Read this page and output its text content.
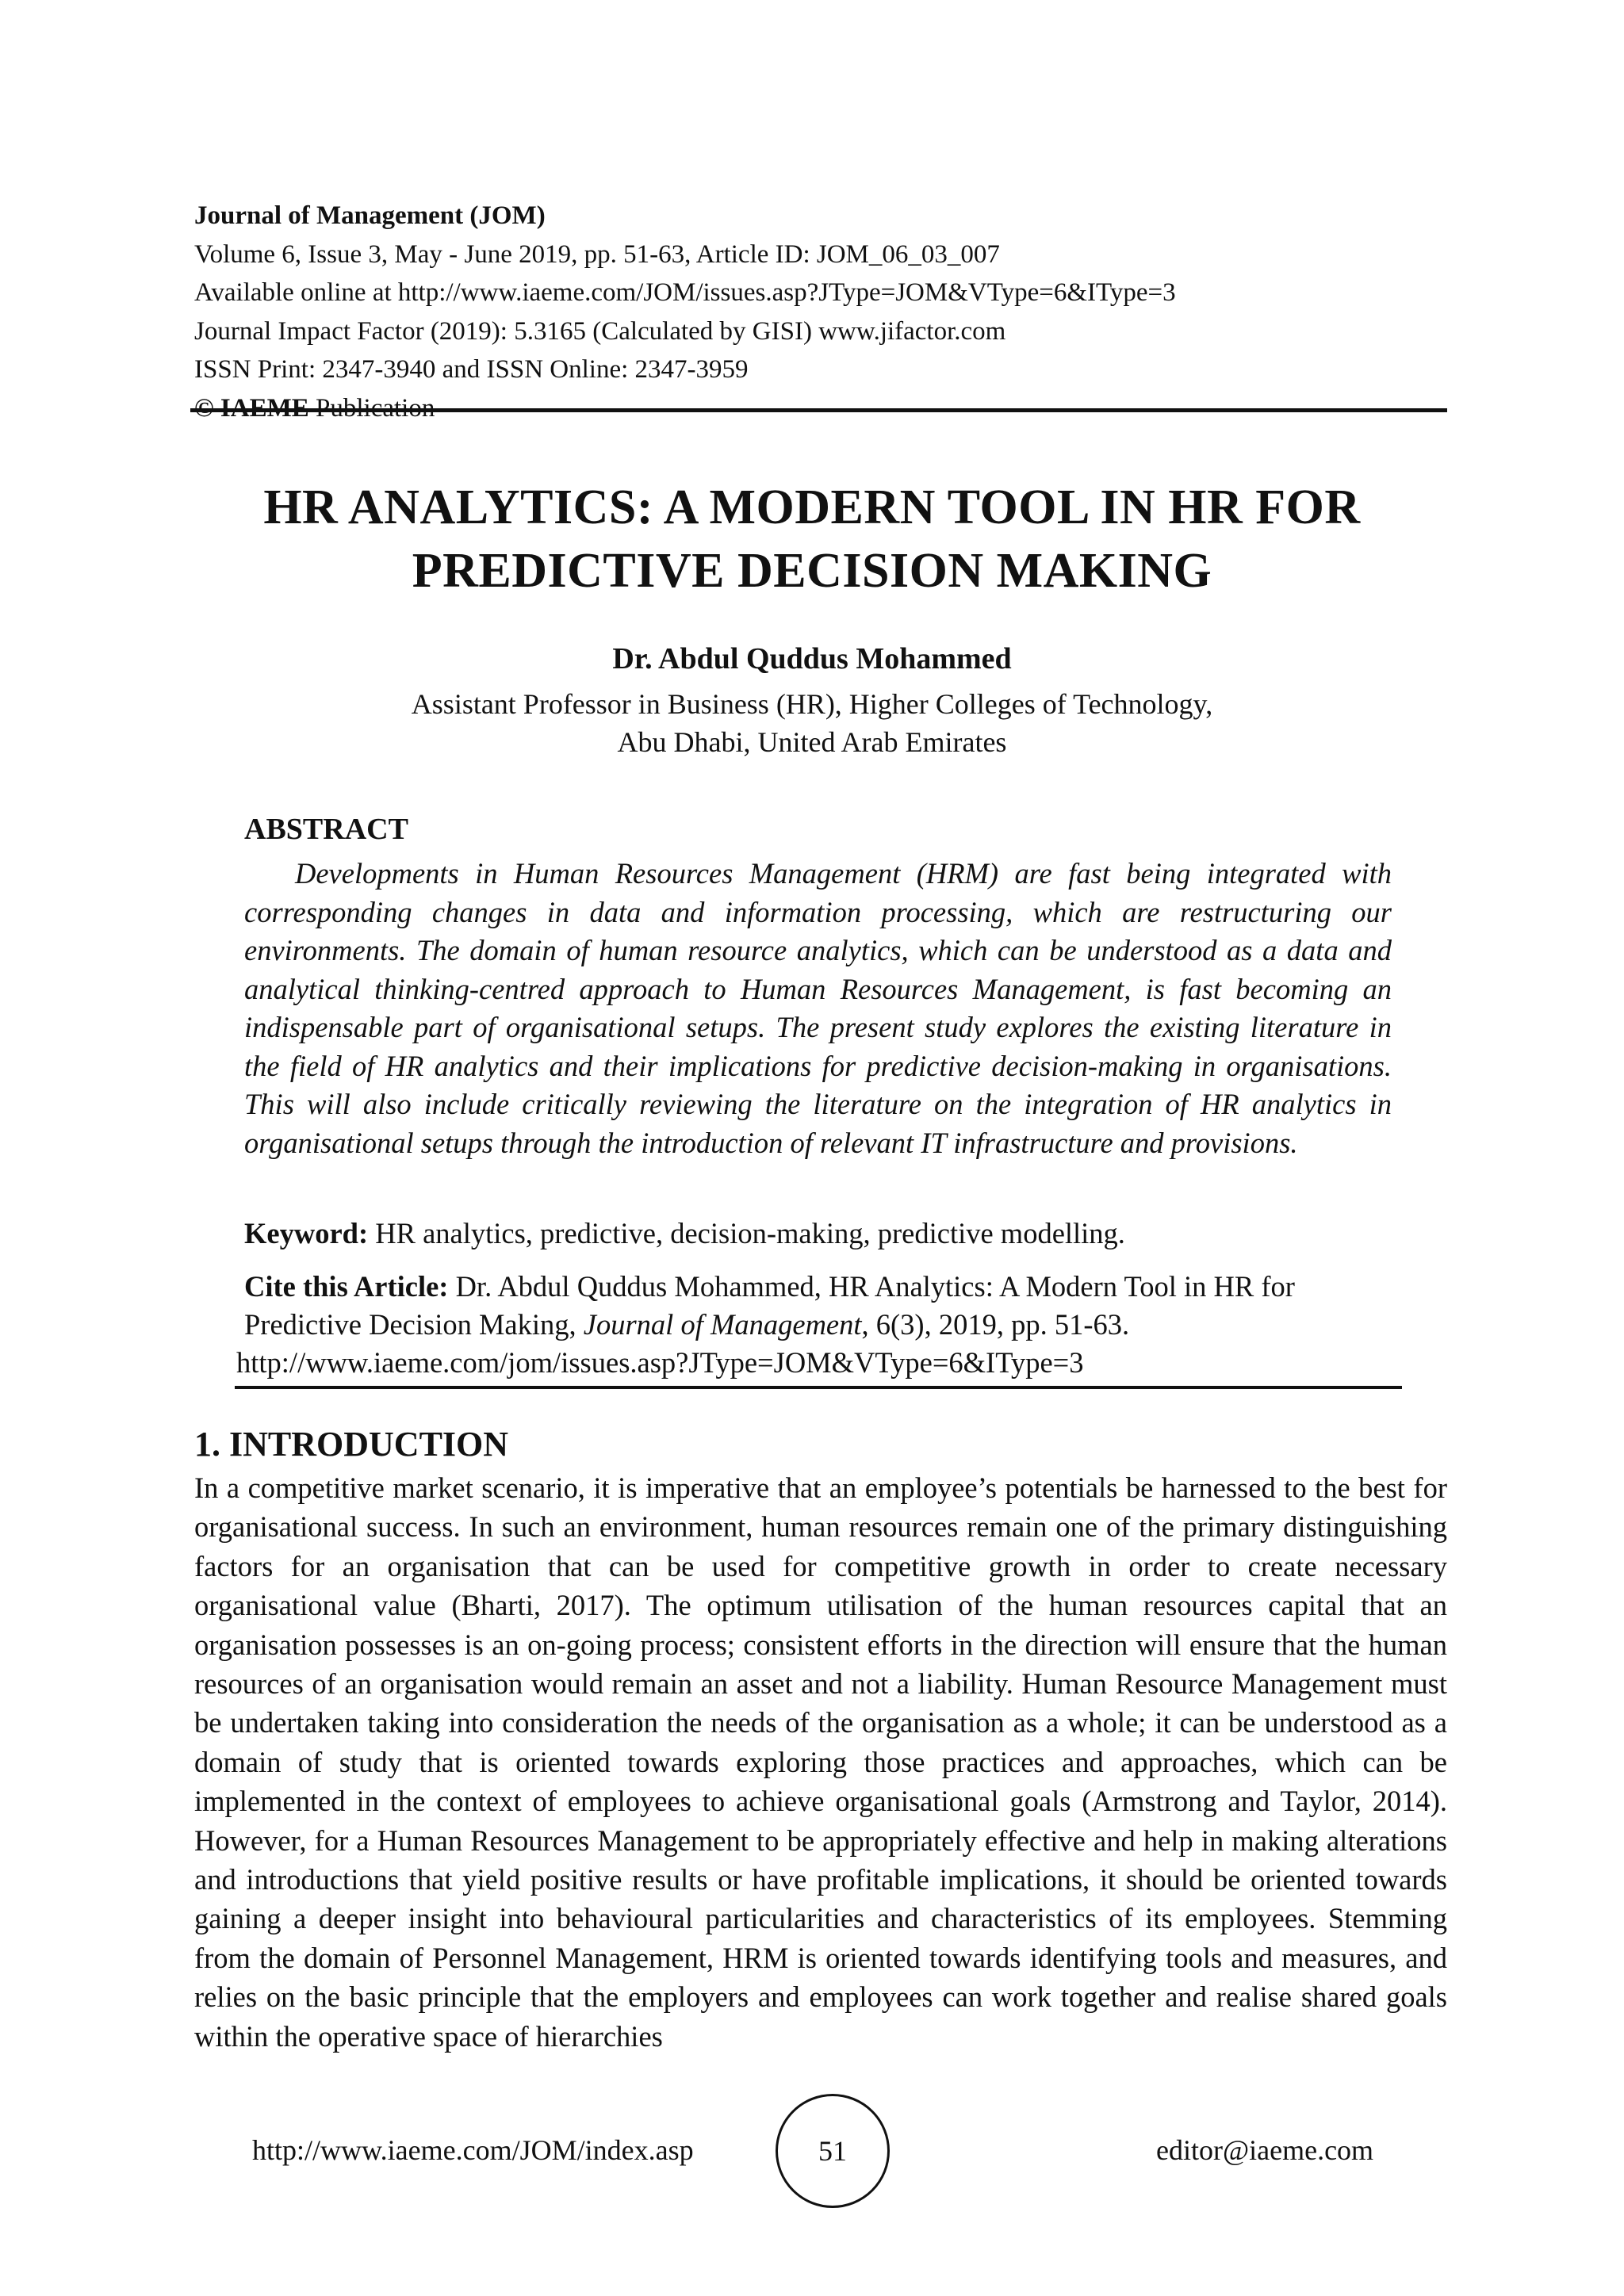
Journal of Management (JOM)
Volume 6, Issue 3, May - June 2019, pp. 51-63, Article ID: JOM_06_03_007
Available online at http://www.iaeme.com/JOM/issues.asp?JType=JOM&VType=6&IType=3
Journal Impact Factor (2019): 5.3165 (Calculated by GISI) www.jifactor.com
ISSN Print: 2347-3940 and ISSN Online: 2347-3959
HR ANALYTICS: A MODERN TOOL IN HR FOR
PREDICTIVE DECISION MAKING
Dr. Abdul Quddus Mohammed
Assistant Professor in Business (HR), Higher Colleges of Technology,
Abu Dhabi, United Arab Emirates
ABSTRACT
Developments in Human Resources Management (HRM) are fast being integrated with corresponding changes in data and information processing, which are restructuring our environments. The domain of human resource analytics, which can be understood as a data and analytical thinking-centred approach to Human Resources Management, is fast becoming an indispensable part of organisational setups. The present study explores the existing literature in the field of HR analytics and their implications for predictive decision-making in organisations. This will also include critically reviewing the literature on the integration of HR analytics in organisational setups through the introduction of relevant IT infrastructure and provisions.
Keyword: HR analytics, predictive, decision-making, predictive modelling.
Cite this Article: Dr. Abdul Quddus Mohammed, HR Analytics: A Modern Tool in HR for Predictive Decision Making, Journal of Management, 6(3), 2019, pp. 51-63.
http://www.iaeme.com/jom/issues.asp?JType=JOM&VType=6&IType=3
1. INTRODUCTION
In a competitive market scenario, it is imperative that an employee’s potentials be harnessed to the best for organisational success. In such an environment, human resources remain one of the primary distinguishing factors for an organisation that can be used for competitive growth in order to create necessary organisational value (Bharti, 2017). The optimum utilisation of the human resources capital that an organisation possesses is an on-going process; consistent efforts in the direction will ensure that the human resources of an organisation would remain an asset and not a liability. Human Resource Management must be undertaken taking into consideration the needs of the organisation as a whole; it can be understood as a domain of study that is oriented towards exploring those practices and approaches, which can be implemented in the context of employees to achieve organisational goals (Armstrong and Taylor, 2014). However, for a Human Resources Management to be appropriately effective and help in making alterations and introductions that yield positive results or have profitable implications, it should be oriented towards gaining a deeper insight into behavioural particularities and characteristics of its employees. Stemming from the domain of Personnel Management, HRM is oriented towards identifying tools and measures, and relies on the basic principle that the employers and employees can work together and realise shared goals within the operative space of hierarchies
http://www.iaeme.com/JOM/index.asp	51	editor@iaeme.com
